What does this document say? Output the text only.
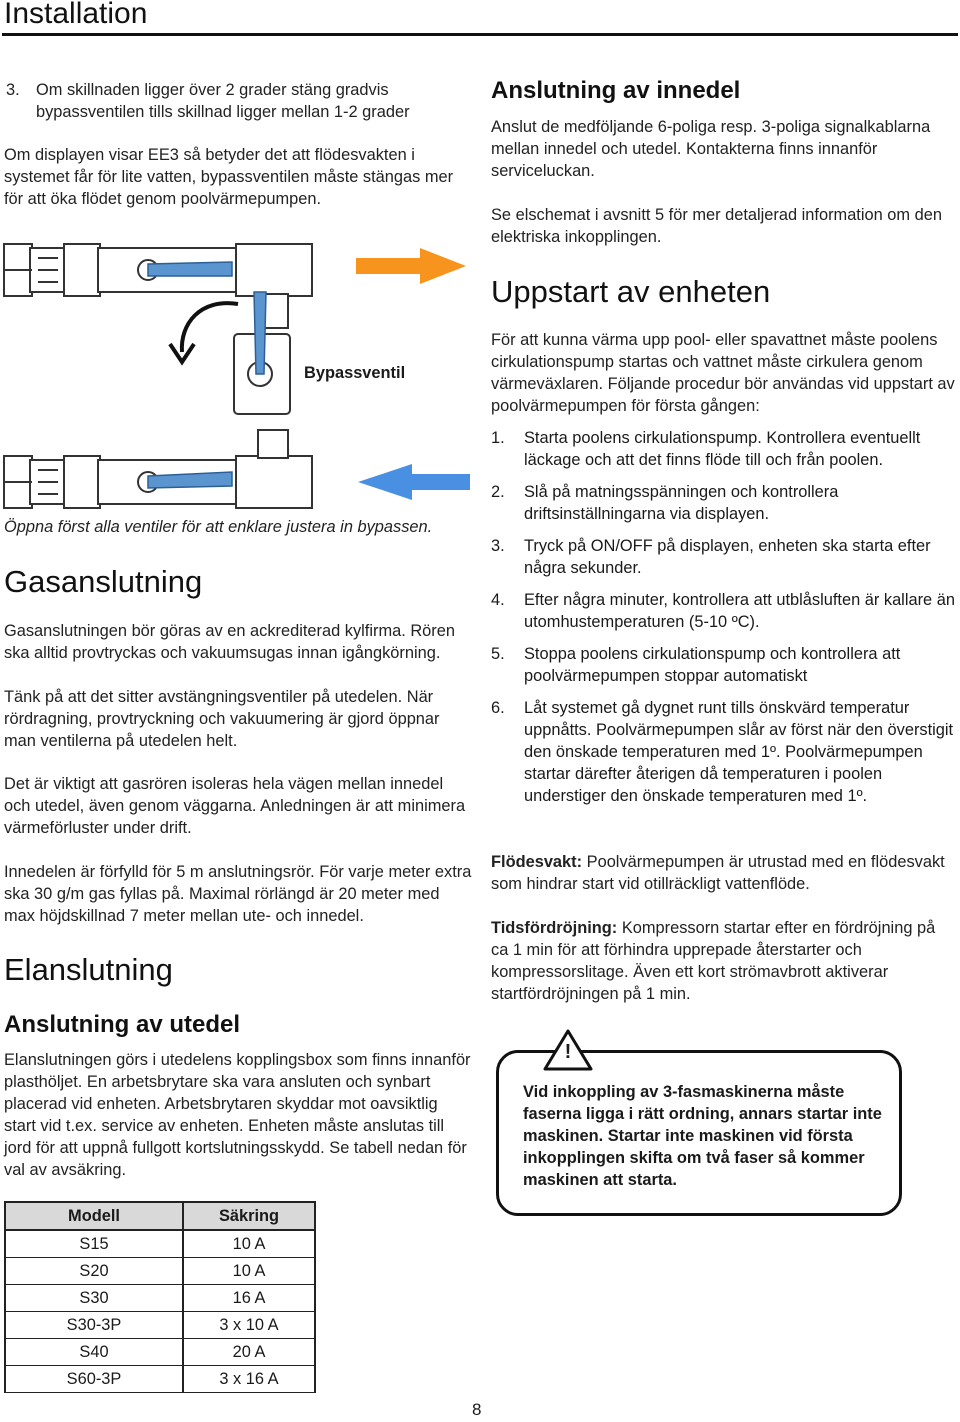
Installation
3. Om skillnaden ligger över 2 grader stäng gradvis bypassventilen tills skillnad ligger mellan 1-2 grader
Om displayen visar EE3 så betyder det att flödesvakten i systemet får för lite vatten, bypassventilen måste stängas mer för att öka flödet genom poolvärmepumpen.
Bypassventil
Öppna först alla ventiler för att enklare justera in bypassen.
Gasanslutning
Gasanslutningen bör göras av en ackrediterad kylfirma. Rören ska alltid provtryckas och vakuumsugas innan igångkörning.
Tänk på att det sitter avstängningsventiler på utedelen. När rördragning, provtryckning och vakuumering är gjord öppnar man ventilerna på utedelen helt.
Det är viktigt att gasrören isoleras hela vägen mellan innedel och utedel, även genom väggarna. Anledningen är att minimera värmeförluster under drift.
Innedelen är förfylld för 5 m anslutningsrör. För varje meter extra ska 30 g/m gas fyllas på. Maximal rörlängd är 20 meter med max höjdskillnad 7 meter mellan ute- och innedel.
Elanslutning
Anslutning av utedel
Elanslutningen görs i utedelens kopplingsbox som finns innanför plasthöljet. En arbetsbrytare ska vara ansluten och synbart placerad vid enheten. Arbetsbrytaren skyddar mot oavsiktlig start vid t.ex. service av enheten. Enheten måste anslutas till jord för att uppnå fullgott kortslutningsskydd. Se tabell nedan för val av avsäkring.
Modell	Säkring
S15	10 A
S20	10 A
S30	16 A
S30-3P	3 x 10 A
S40	20 A
S60-3P	3 x 16 A
Anslutning av innedel
Anslut de medföljande 6-poliga resp. 3-poliga signalkablarna mellan innedel och utedel. Kontakterna finns innanför serviceluckan.
Se elschemat i avsnitt 5 för mer detaljerad information om den elektriska inkopplingen.
Uppstart av enheten
För att kunna värma upp pool- eller spavattnet måste poolens cirkulationspump startas och vattnet måste cirkulera genom värmeväxlaren. Följande procedur bör användas vid uppstart av poolvärmepumpen för första gången:
1. Starta poolens cirkulationspump. Kontrollera eventuellt läckage och att det finns flöde till och från poolen.
2. Slå på matningsspänningen och kontrollera driftsinställningarna via displayen.
3. Tryck på ON/OFF på displayen, enheten ska starta efter några sekunder.
4. Efter några minuter, kontrollera att utblåsluften är kallare än utomhustemperaturen (5-10 ºC).
5. Stoppa poolens cirkulationspump och kontrollera att poolvärmepumpen stoppar automatiskt
6. Låt systemet gå dygnet runt tills önskvärd temperatur uppnåtts. Poolvärmepumpen slår av först när den överstigit den önskade temperaturen med 1º. Poolvärmepumpen startar därefter återigen då temperaturen i poolen understiger den önskade temperaturen med 1º.
Flödesvakt: Poolvärmepumpen är utrustad med en flödesvakt som hindrar start vid otillräckligt vattenflöde.
Tidsfördröjning: Kompressorn startar efter en fördröjning på ca 1 min för att förhindra upprepade återstarter och kompressorslitage. Även ett kort strömavbrott aktiverar startfördröjningen på 1 min.
!
Vid inkoppling av 3-fasmaskinerna måste faserna ligga i rätt ordning, annars startar inte maskinen. Startar inte maskinen vid första inkopplingen skifta om två faser så kommer maskinen att starta.
8
